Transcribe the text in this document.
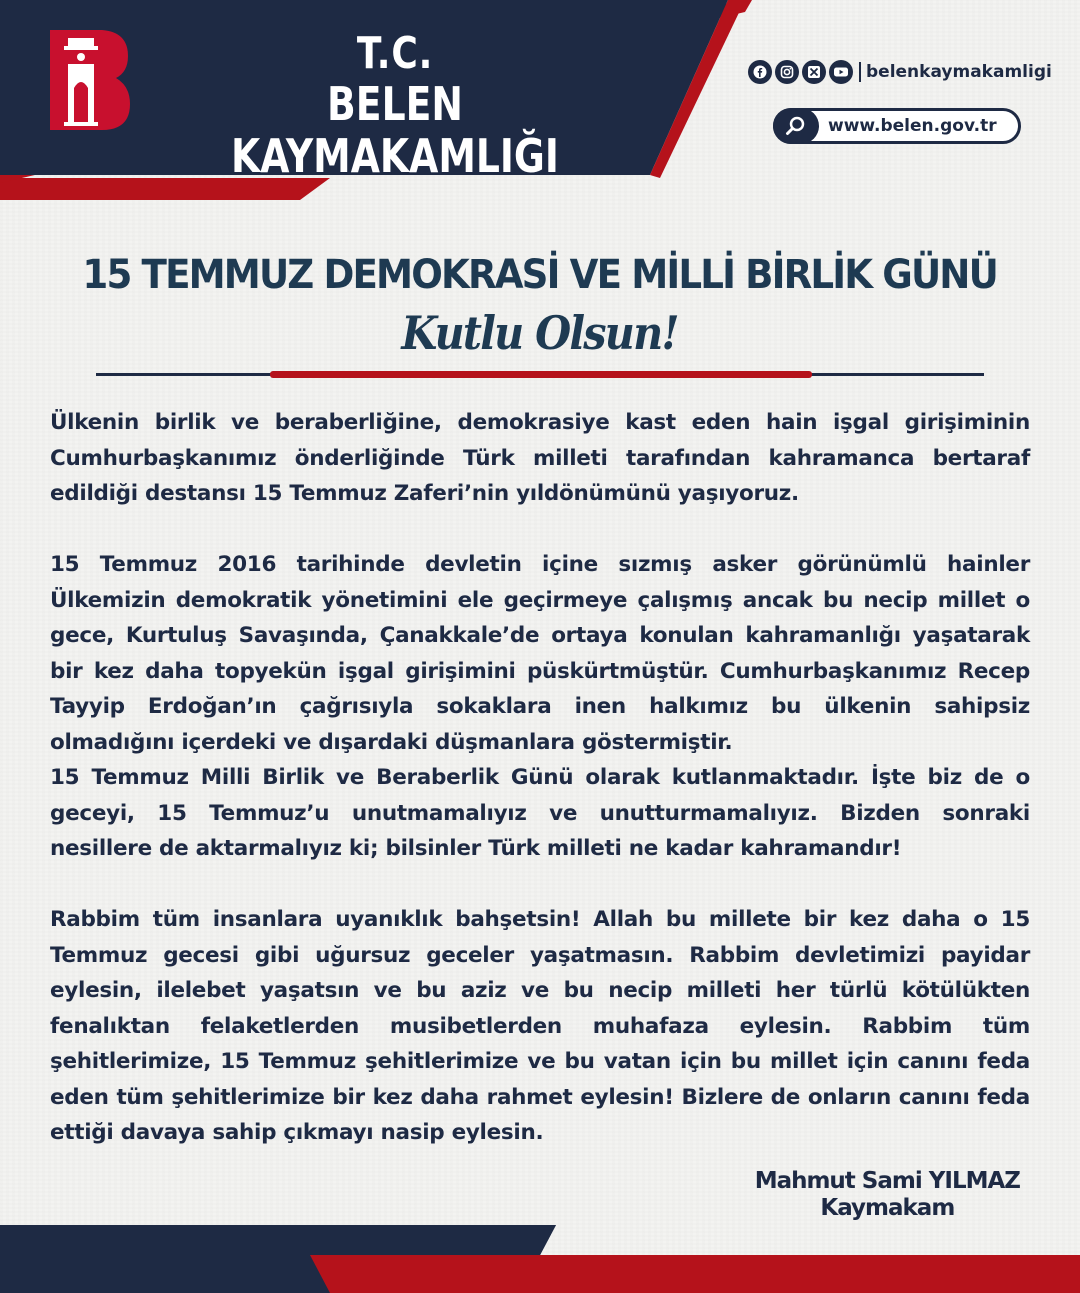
T.C.
BELEN KAYMAKAMLIĞI
belenkaymakamligi
www.belen.gov.tr
15 TEMMUZ DEMOKRASİ VE MİLLİ BİRLİK GÜNÜ
Kutlu Olsun!

Ülkenin birlik ve beraberliğine, demokrasiye kast eden hain işgal girişiminin Cumhurbaşkanımız önderliğinde Türk milleti tarafından kahramanca bertaraf edildiği destansı 15 Temmuz Zaferi’nin yıldönümünü yaşıyoruz.

15 Temmuz 2016 tarihinde devletin içine sızmış asker görünümlü hainler Ülkemizin demokratik yönetimini ele geçirmeye çalışmış ancak bu necip millet o gece, Kurtuluş Savaşında, Çanakkale’de ortaya konulan kahramanlığı yaşatarak bir kez daha topyekün işgal girişimini püskürtmüştür. Cumhurbaşkanımız Recep Tayyip Erdoğan’ın çağrısıyla sokaklara inen halkımız bu ülkenin sahipsiz olmadığını içerdeki ve dışardaki düşmanlara göstermiştir.

15 Temmuz Milli Birlik ve Beraberlik Günü olarak kutlanmaktadır. İşte biz de o geceyi, 15 Temmuz’u unutmamalıyız ve unutturmamalıyız. Bizden sonraki nesillere de aktarmalıyız ki; bilsinler Türk milleti ne kadar kahramandır!

Rabbim tüm insanlara uyanıklık bahşetsin! Allah bu millete bir kez daha o 15 Temmuz gecesi gibi uğursuz geceler yaşatmasın. Rabbim devletimizi payidar eylesin, ilelebet yaşatsın ve bu aziz ve bu necip milleti her türlü kötülükten fenalıktan felaketlerden musibetlerden muhafaza eylesin. Rabbim tüm şehitlerimize, 15 Temmuz şehitlerimize ve bu vatan için bu millet için canını feda eden tüm şehitlerimize bir kez daha rahmet eylesin! Bizlere de onların canını feda ettiği davaya sahip çıkmayı nasip eylesin.

Mahmut Sami YILMAZ
Kaymakam
